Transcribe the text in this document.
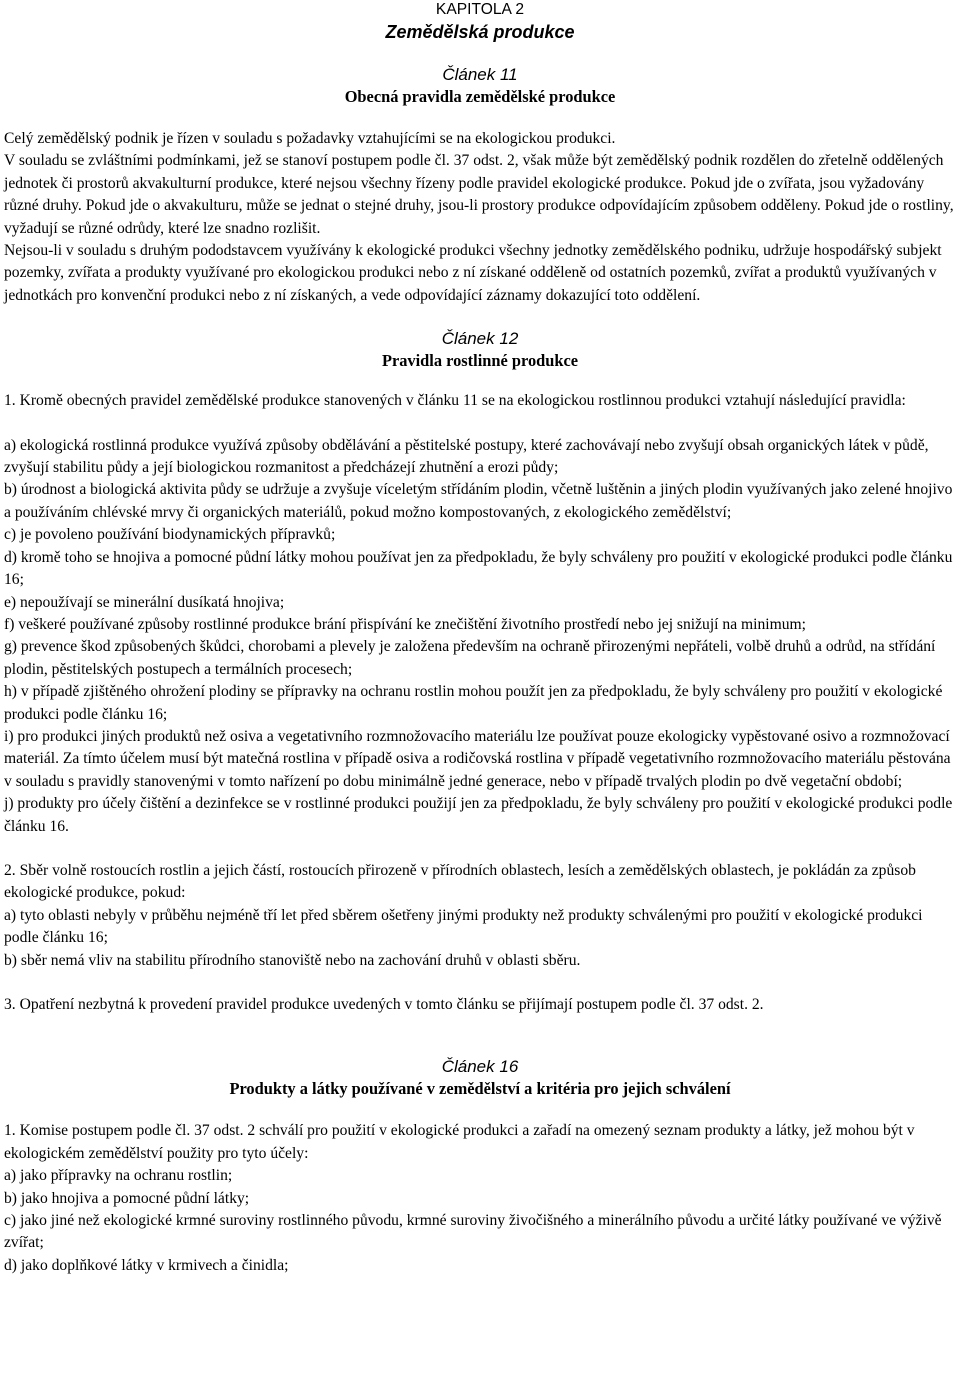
KAPITOLA 2
Zemědělská produkce
Článek 11
Obecná pravidla zemědělské produkce

Celý zemědělský podnik je řízen v souladu s požadavky vztahujícími se na ekologickou produkci.

V souladu se zvláštními podmínkami, jež se stanoví postupem podle čl. 37 odst. 2, však může být zemědělský podnik rozdělen do zřetelně oddělených jednotek či prostorů akvakulturní produkce, které nejsou všechny řízeny podle pravidel ekologické produkce. Pokud jde o zvířata, jsou vyžadovány různé druhy. Pokud jde o akvakulturu, může se jednat o stejné druhy, jsou-li prostory produkce odpovídajícím způsobem odděleny. Pokud jde o rostliny, vyžadují se různé odrůdy, které lze snadno rozlišit.

Nejsou-li v souladu s druhým pododstavcem využívány k ekologické produkci všechny jednotky zemědělského podniku, udržuje hospodářský subjekt pozemky, zvířata a produkty využívané pro ekologickou produkci nebo z ní získané odděleně od ostatních pozemků, zvířat a produktů využívaných v jednotkách pro konvenční produkci nebo z ní získaných, a vede odpovídající záznamy dokazující toto oddělení.

Článek 12
Pravidla rostlinné produkce

1. Kromě obecných pravidel zemědělské produkce stanovených v článku 11 se na ekologickou rostlinnou produkci vztahují následující pravidla:

a) ekologická rostlinná produkce využívá způsoby obdělávání a pěstitelské postupy, které zachovávají nebo zvyšují obsah organických látek v půdě, zvyšují stabilitu půdy a její biologickou rozmanitost a předcházejí zhutnění a erozi půdy;

b) úrodnost a biologická aktivita půdy se udržuje a zvyšuje víceletým střídáním plodin, včetně luštěnin a jiných plodin využívaných jako zelené hnojivo a používáním chlévské mrvy či organických materiálů, pokud možno kompostovaných, z ekologického zemědělství;

c) je povoleno používání biodynamických přípravků;

d) kromě toho se hnojiva a pomocné půdní látky mohou používat jen za předpokladu, že byly schváleny pro použití v ekologické produkci podle článku 16;

e) nepoužívají se minerální dusíkatá hnojiva;

f) veškeré používané způsoby rostlinné produkce brání přispívání ke znečištění životního prostředí nebo jej snižují na minimum;

g) prevence škod způsobených škůdci, chorobami a plevely je založena především na ochraně přirozenými nepřáteli, volbě druhů a odrůd, na střídání plodin, pěstitelských postupech a termálních procesech;

h) v případě zjištěného ohrožení plodiny se přípravky na ochranu rostlin mohou použít jen za předpokladu, že byly schváleny pro použití v ekologické produkci podle článku 16;

i) pro produkci jiných produktů než osiva a vegetativního rozmnožovacího materiálu lze používat pouze ekologicky vypěstované osivo a rozmnožovací materiál. Za tímto účelem musí být matečná rostlina v případě osiva a rodičovská rostlina v případě vegetativního rozmnožovacího materiálu pěstována v souladu s pravidly stanovenými v tomto nařízení po dobu minimálně jedné generace, nebo v případě trvalých plodin po dvě vegetační období;

j) produkty pro účely čištění a dezinfekce se v rostlinné produkci použijí jen za předpokladu, že byly schváleny pro použití v ekologické produkci podle článku 16.

2. Sběr volně rostoucích rostlin a jejich částí, rostoucích přirozeně v přírodních oblastech, lesích a zemědělských oblastech, je pokládán za způsob ekologické produkce, pokud:

a) tyto oblasti nebyly v průběhu nejméně tří let před sběrem ošetřeny jinými produkty než produkty schválenými pro použití v ekologické produkci podle článku 16;

b) sběr nemá vliv na stabilitu přírodního stanoviště nebo na zachování druhů v oblasti sběru.

3. Opatření nezbytná k provedení pravidel produkce uvedených v tomto článku se přijímají postupem podle čl. 37 odst. 2.

Článek 16
Produkty a látky používané v zemědělství a kritéria pro jejich schválení

1. Komise postupem podle čl. 37 odst. 2 schválí pro použití v ekologické produkci a zařadí na omezený seznam produkty a látky, jež mohou být v ekologickém zemědělství použity pro tyto účely:

a) jako přípravky na ochranu rostlin;

b) jako hnojiva a pomocné půdní látky;

c) jako jiné než ekologické krmné suroviny rostlinného původu, krmné suroviny živočišného a minerálního původu a určité látky používané ve výživě zvířat;

d) jako doplňkové látky v krmivech a činidla;
